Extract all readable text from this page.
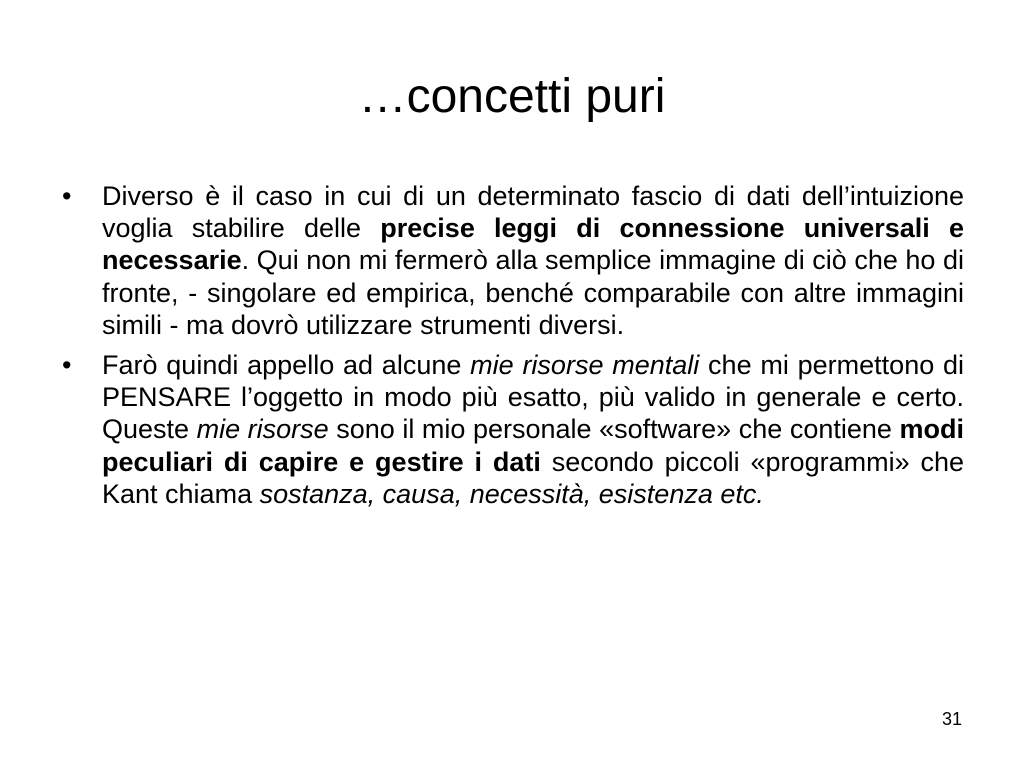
…concetti puri
•	Diverso è il caso in cui di un determinato fascio di dati dell’intuizione voglia stabilire delle precise leggi di connessione universali e necessarie. Qui non mi fermerò alla semplice immagine di ciò che ho di fronte, - singolare ed empirica, benché comparabile con altre immagini simili - ma dovrò utilizzare strumenti diversi.
•	Farò quindi appello ad alcune mie risorse mentali che mi permettono di PENSARE l’oggetto in modo più esatto, più valido in generale e certo. Queste mie risorse sono il mio personale «software» che contiene modi peculiari di capire e gestire i dati secondo piccoli «programmi» che Kant chiama sostanza, causa, necessità, esistenza etc.
31
